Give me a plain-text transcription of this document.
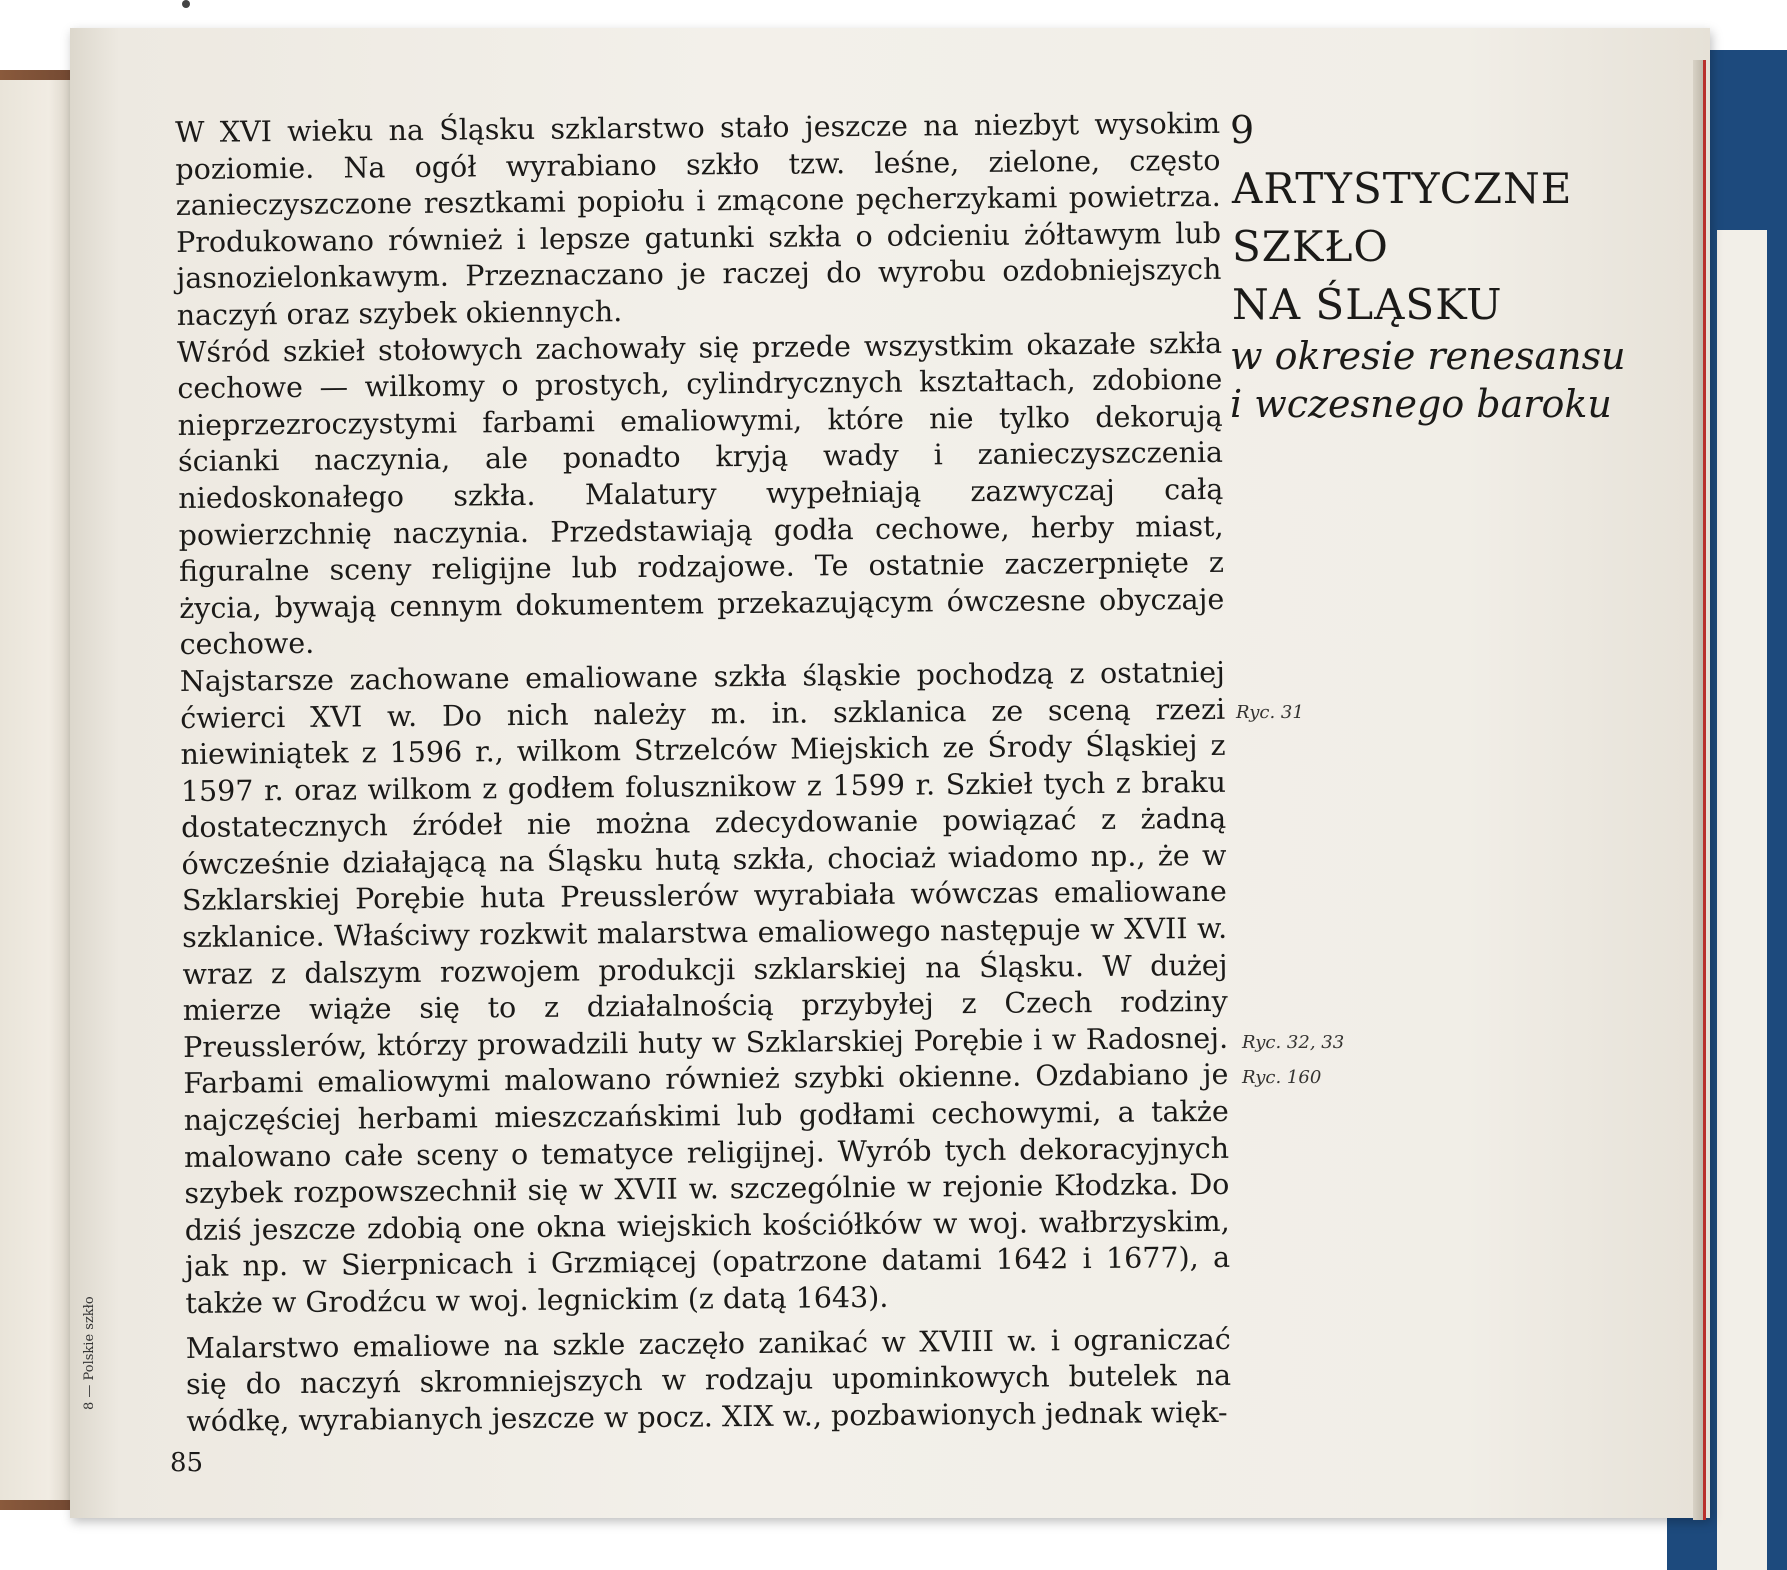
W XVI wieku na Śląsku szklarstwo stało jeszcze na niezbyt wysokim poziomie. Na ogół wyrabiano szkło tzw. leśne, zielone, często zanieczyszczone resztkami popiołu i zmącone pęcherzykami powietrza. Produkowano również i lepsze gatunki szkła o odcieniu żółtawym lub jasnozielonkawym. Przeznaczano je raczej do wyrobu ozdobniejszych naczyń oraz szybek okiennych.

Wśród szkieł stołowych zachowały się przede wszystkim okazałe szkła cechowe — wilkomy o prostych, cylindrycznych kształtach, zdobione nieprzezroczystymi farbami emaliowymi, które nie tylko dekorują ścianki naczynia, ale ponadto kryją wady i zanieczyszczenia niedoskonałego szkła. Malatury wypełniają zazwyczaj całą powierzchnię naczynia. Przedstawiają godła cechowe, herby miast, figuralne sceny religijne lub rodzajowe. Te ostatnie zaczerpnięte z życia, bywają cennym dokumentem przekazującym ówczesne obyczaje cechowe.

Najstarsze zachowane emaliowane szkła śląskie pochodzą z ostatniej ćwierci XVI w. Do nich należy m. in. szklanica ze sceną rzezi niewiniątek z 1596 r., wilkom Strzelców Miejskich ze Środy Śląskiej z 1597 r. oraz wilkom z godłem folusznikow z 1599 r. Szkieł tych z braku dostatecznych źródeł nie można zdecydowanie powiązać z żadną ówcześnie działającą na Śląsku hutą szkła, chociaż wiadomo np., że w Szklarskiej Porębie huta Preusslerów wyrabiała wówczas emaliowane szklanice. Właściwy rozkwit malarstwa emaliowego następuje w XVII w. wraz z dalszym rozwojem produkcji szklarskiej na Śląsku. W dużej mierze wiąże się to z działalnością przybyłej z Czech rodziny Preusslerów, którzy prowadzili huty w Szklarskiej Porębie i w Radosnej. Farbami emaliowymi malowano również szybki okienne. Ozdabiano je najczęściej herbami mieszczańskimi lub godłami cechowymi, a także malowano całe sceny o tematyce religijnej. Wyrób tych dekoracyjnych szybek rozpowszechnił się w XVII w. szczególnie w rejonie Kłodzka. Do dziś jeszcze zdobią one okna wiejskich kościółków w woj. wałbrzyskim, jak np. w Sierpnicach i Grzmiącej (opatrzone datami 1642 i 1677), a także w Grodźcu w woj. legnickim (z datą 1643).

Malarstwo emaliowe na szkle zaczęło zanikać w XVIII w. i ograniczać się do naczyń skromniejszych w rodzaju upominkowych butelek na wódkę, wyrabianych jeszcze w pocz. XIX w., pozbawionych jednak więk-

9
ARTYSTYCZNE
SZKŁO
NA ŚLĄSKU
w okresie renesansu
i wczesnego baroku
Ryc. 31
Ryc. 32, 33
Ryc. 160
85
8 — Polskie szkło
